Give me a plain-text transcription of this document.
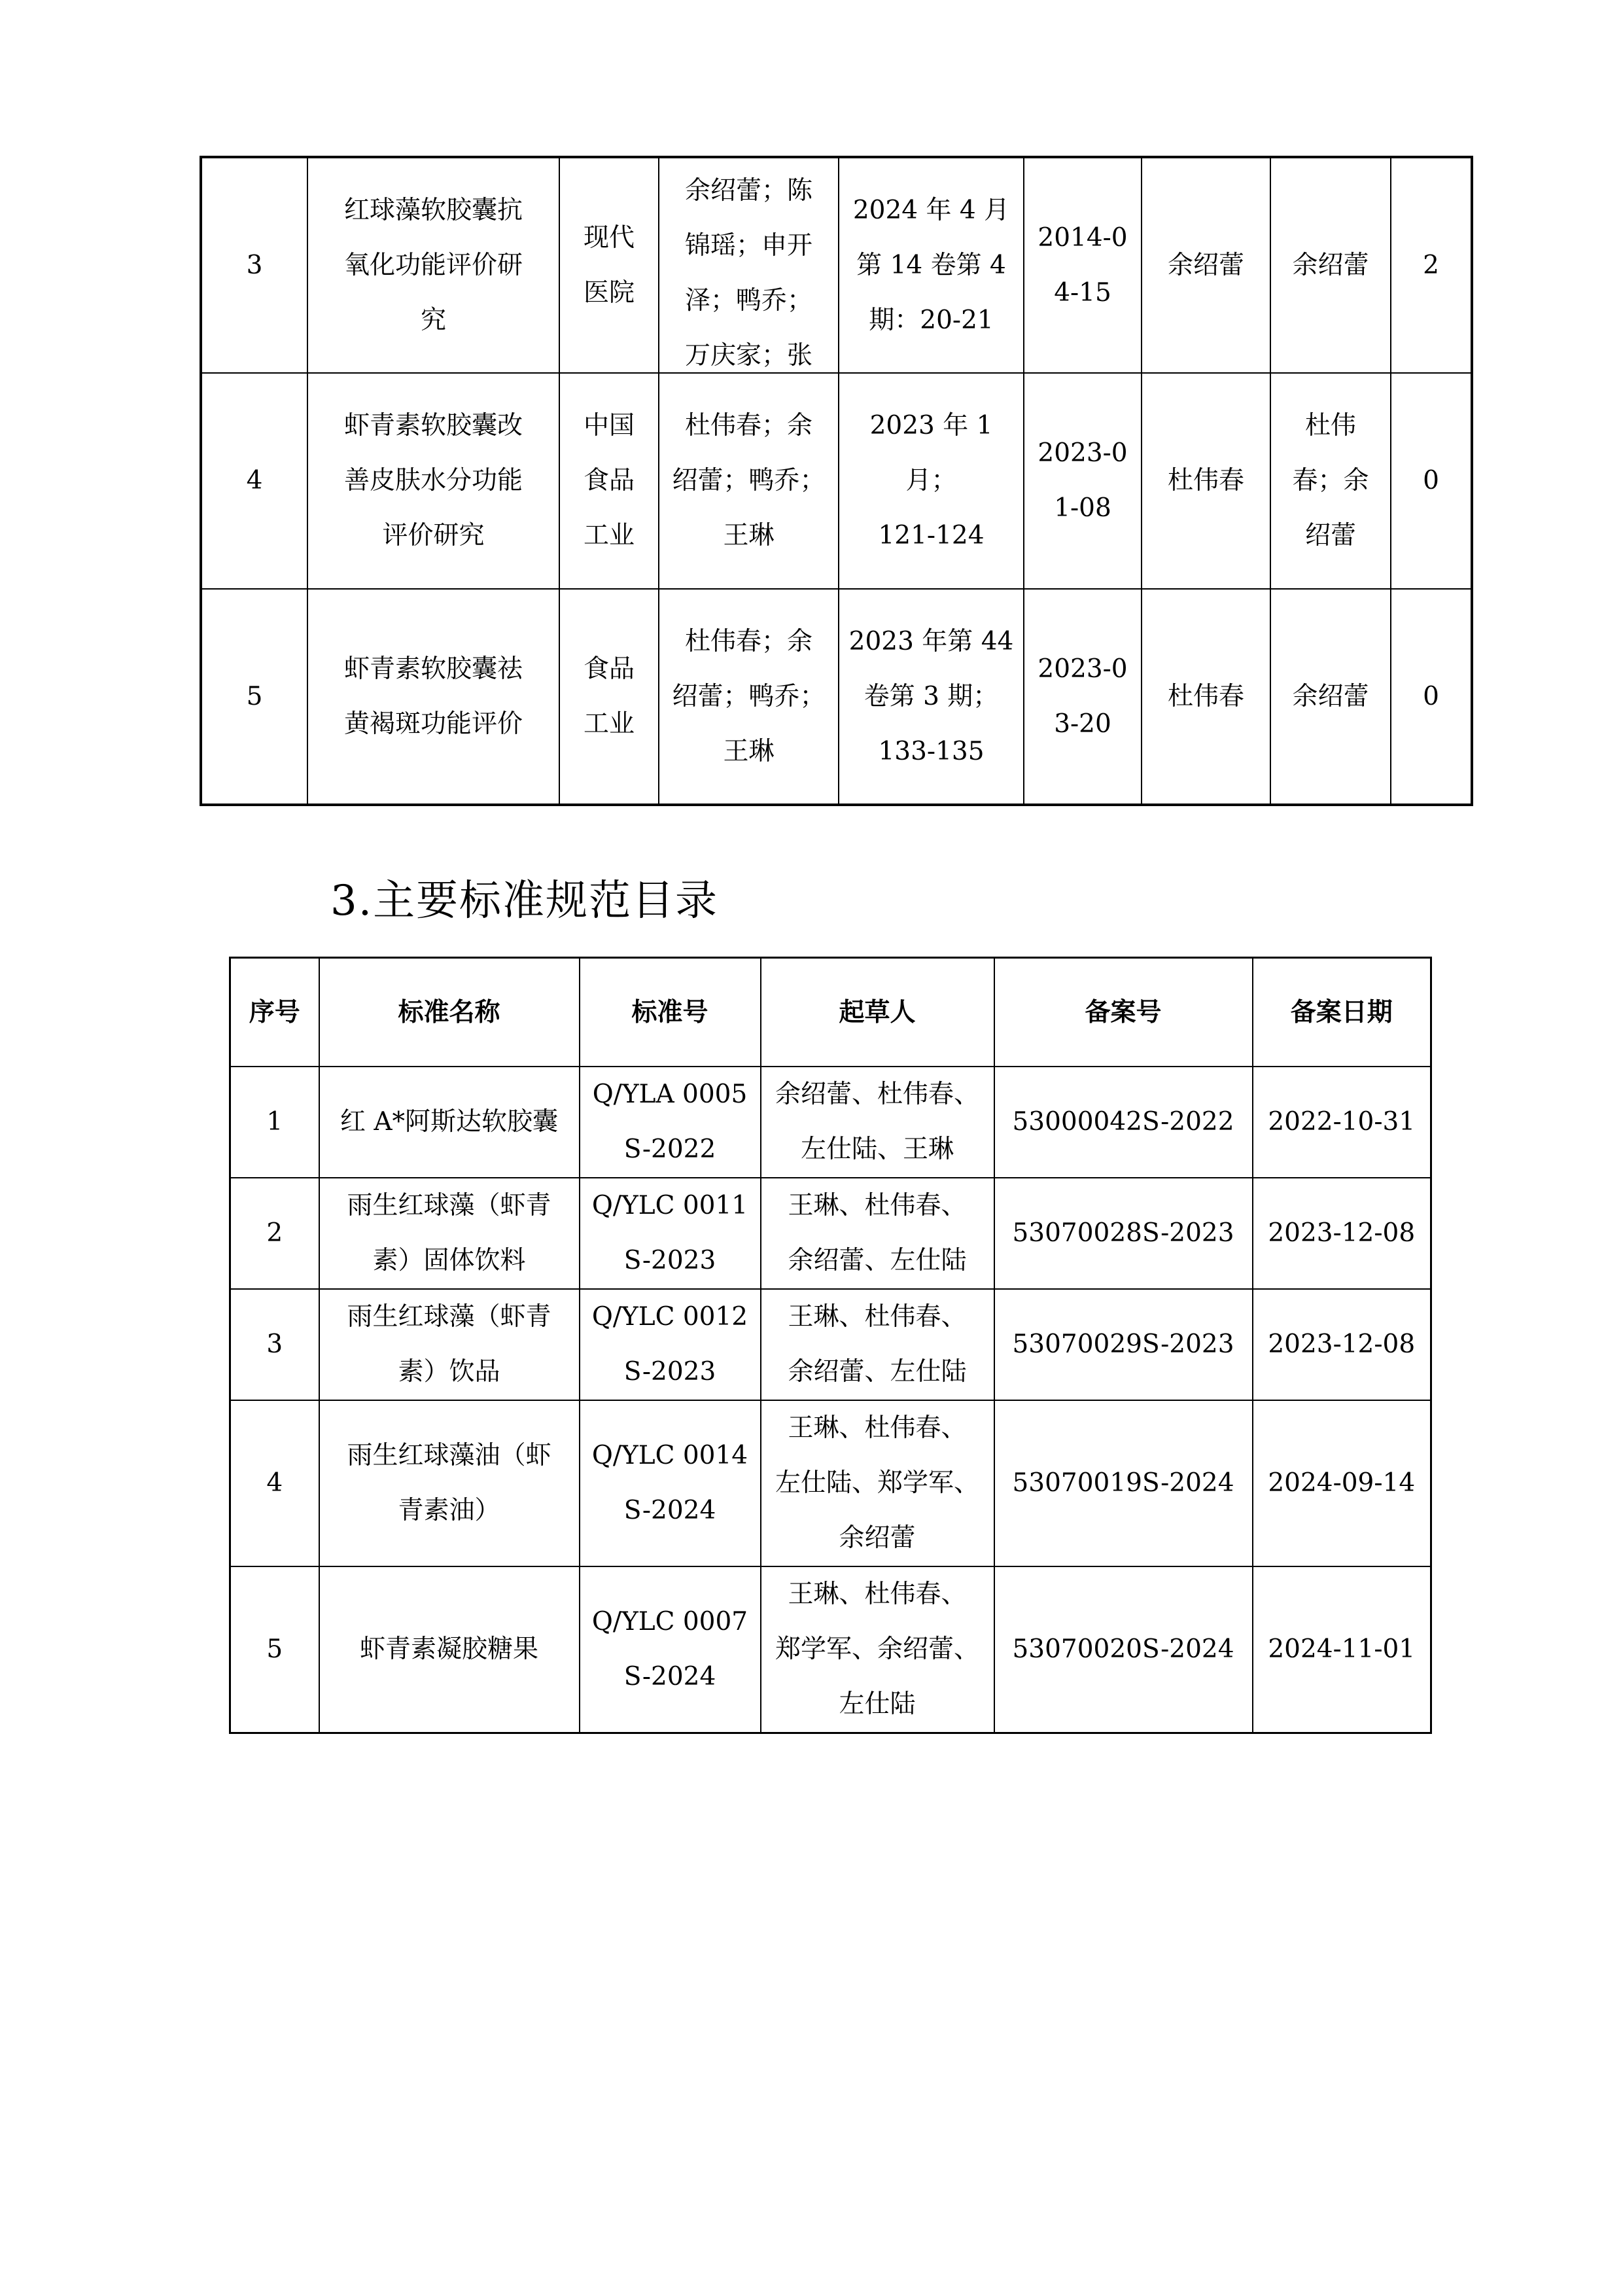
3	红球藻软胶囊抗
氧化功能评价研
究	现代
医院	余绍蕾；陈
锦瑶；申开
泽；鸭乔；
万庆家；张	2024 年 4 月
第 14 卷第 4
期：20-21	2014-0
4-15	余绍蕾	余绍蕾	2
4	虾青素软胶囊改
善皮肤水分功能
评价研究	中国
食品
工业	杜伟春；余
绍蕾；鸭乔；
王琳	2023 年 1 月；
121-124	2023-0
1-08	杜伟春	杜伟
春；余
绍蕾	0
5	虾青素软胶囊祛
黄褐斑功能评价	食品
工业	杜伟春；余
绍蕾；鸭乔；
王琳	2023 年第 44
卷第 3 期；
133-135	2023-0
3-20	杜伟春	余绍蕾	0
3.主要标准规范目录
序号	标准名称	标准号	起草人	备案号	备案日期
1	红 A*阿斯达软胶囊	Q/YLA 0005
S-2022	余绍蕾、杜伟春、
左仕陆、王琳	53000042S-2022	2022-10-31
2	雨生红球藻（虾青
素）固体饮料	Q/YLC 0011
S-2023	王琳、杜伟春、
余绍蕾、左仕陆	53070028S-2023	2023-12-08
3	雨生红球藻（虾青
素）饮品	Q/YLC 0012
S-2023	王琳、杜伟春、
余绍蕾、左仕陆	53070029S-2023	2023-12-08
4	雨生红球藻油（虾
青素油）	Q/YLC 0014
S-2024	王琳、杜伟春、
左仕陆、郑学军、
余绍蕾	53070019S-2024	2024-09-14
5	虾青素凝胶糖果	Q/YLC 0007
S-2024	王琳、杜伟春、
郑学军、余绍蕾、
左仕陆	53070020S-2024	2024-11-01
